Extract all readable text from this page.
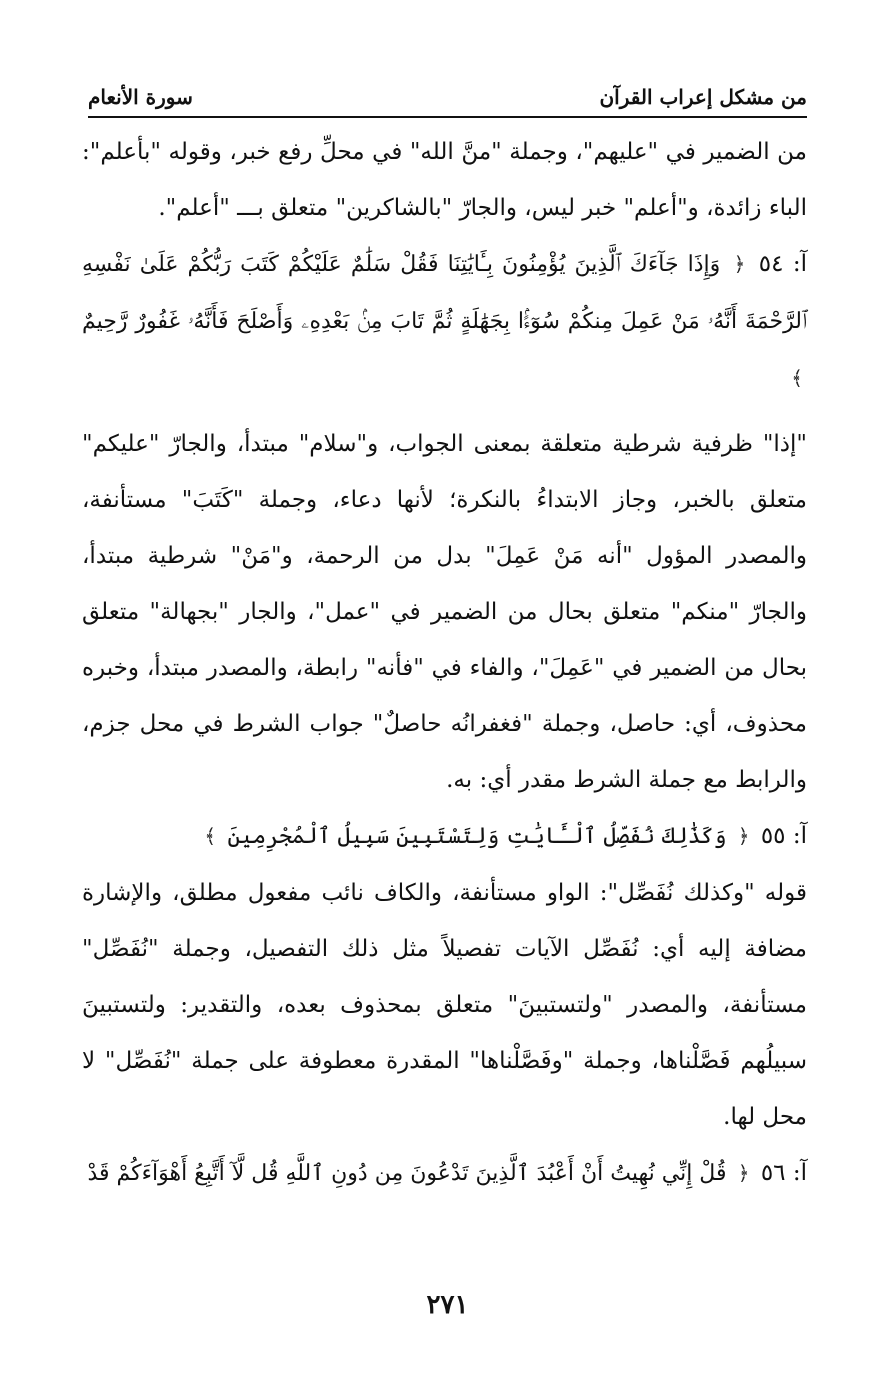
من مشكل إعراب القرآن
سورة الأنعام

من الضمير في "عليهم"، وجملة "منَّ الله" في محلِّ رفع خبر، وقوله "بأعلم": الباء زائدة، و"أعلم" خبر ليس، والجارّ "بالشاكرين" متعلق بـــ "أعلم".

آ: ٥٤ ﴿ وَإِذَا جَآءَكَ ٱلَّذِينَ يُؤْمِنُونَ بِـَٔايَٰتِنَا فَقُلْ سَلَٰمٌ عَلَيْكُمْ كَتَبَ رَبُّكُمْ عَلَىٰ نَفْسِهِ ٱلرَّحْمَةَ أَنَّهُۥ مَنْ عَمِلَ مِنكُمْ سُوٓءًۢا بِجَهَٰلَةٍ ثُمَّ تَابَ مِنۢ بَعْدِهِۦ وَأَصْلَحَ فَأَنَّهُۥ غَفُورٌ رَّحِيمٌ ﴾

"إذا" ظرفية شرطية متعلقة بمعنى الجواب، و"سلام" مبتدأ، والجارّ "عليكم" متعلق بالخبر، وجاز الابتداءُ بالنكرة؛ لأنها دعاء، وجملة "كَتَبَ" مستأنفة، والمصدر المؤول "أنه مَنْ عَمِلَ" بدل من الرحمة، و"مَنْ" شرطية مبتدأ، والجارّ "منكم" متعلق بحال من الضمير في "عمل"، والجار "بجهالة" متعلق بحال من الضمير في "عَمِلَ"، والفاء في "فأنه" رابطة، والمصدر مبتدأ، وخبره محذوف، أي: حاصل، وجملة "فغفرانُه حاصلٌ" جواب الشرط في محل جزم، والرابط مع جملة الشرط مقدر أي: به.

آ: ٥٥ ﴿ وَكَذَٰلِكَ نُفَصِّلُ ٱلْـَٔايَٰتِ وَلِتَسْتَبِينَ سَبِيلُ ٱلْمُجْرِمِينَ ﴾

قوله "وكذلك نُفَصِّل": الواو مستأنفة، والكاف نائب مفعول مطلق، والإشارة مضافة إليه أي: نُفَصِّل الآيات تفصيلاً مثل ذلك التفصيل، وجملة "نُفَصِّل" مستأنفة، والمصدر "ولتستبينَ" متعلق بمحذوف بعده، والتقدير: ولتستبينَ سبيلُهم فَصَّلْناها، وجملة "وفَصَّلْناها" المقدرة معطوفة على جملة "نُفَصِّل" لا محل لها.

آ: ٥٦ ﴿ قُلْ إِنِّي نُهِيتُ أَنْ أَعْبُدَ ٱلَّذِينَ تَدْعُونَ مِن دُونِ ٱللَّهِ قُل لَّآ أَتَّبِعُ أَهْوَآءَكُمْ قَدْ

٢٧١
